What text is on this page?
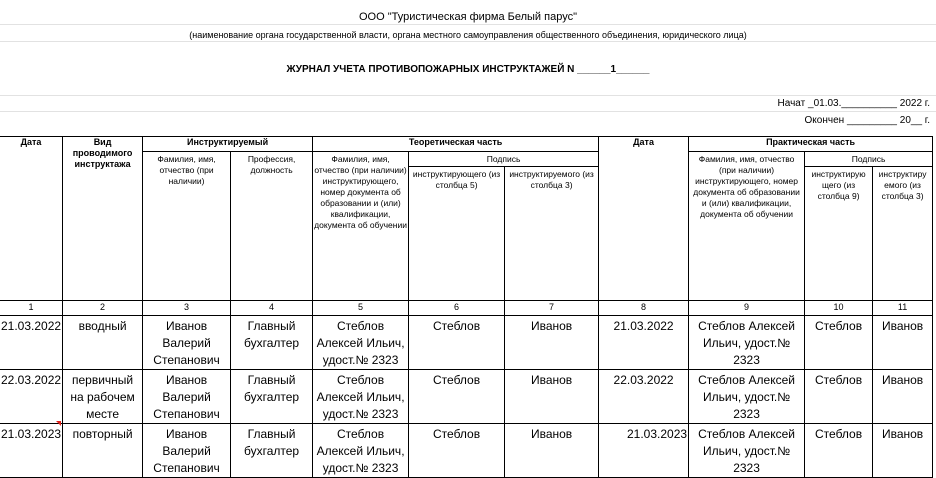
ООО "Туристическая фирма Белый парус"
(наименование органа государственной власти, органа местного самоуправления общественного объединения, юридического лица)
ЖУРНАЛ УЧЕТА ПРОТИВОПОЖАРНЫХ ИНСТРУКТАЖЕЙ N ______1______
Начат _01.03.__________ 2022 г.
Окончен _________ 20__ г.
Дата	Вид проводимого инструктажа	Инструктируемый		Теоретическая часть			Дата	Практическая часть		
		Фамилия, имя, отчество (при наличии)	Профессия, должность	Фамилия, имя, отчество (при наличии) инструктирующего, номер документа об образовании и (или) квалификации, документа об обучении	Подпись			Фамилия, имя, отчество (при наличии) инструктирующего, номер документа об образовании и (или) квалификации, документа об обучении	Подпись	
					инструктирующего (из столбца 5)	инструктируемого (из столбца 3)			инструктирую щего (из столбца 9)	инструктиру емого (из столбца 3)
1	2	3	4	5	6	7	8	9	10	11
21.03.2022	вводный	Иванов Валерий Степанович	Главный бухгалтер	Стеблов Алексей Ильич, удост.№ 2323	Стеблов	Иванов	21.03.2022	Стеблов Алексей Ильич, удост.№ 2323	Стеблов	Иванов
22.03.2022	первичный на рабочем месте	Иванов Валерий Степанович	Главный бухгалтер	Стеблов Алексей Ильич, удост.№ 2323	Стеблов	Иванов	22.03.2022	Стеблов Алексей Ильич, удост.№ 2323	Стеблов	Иванов
21.03.2023	повторный	Иванов Валерий Степанович	Главный бухгалтер	Стеблов Алексей Ильич, удост.№ 2323	Стеблов	Иванов	21.03.2023	Стеблов Алексей Ильич, удост.№ 2323	Стеблов	Иванов
